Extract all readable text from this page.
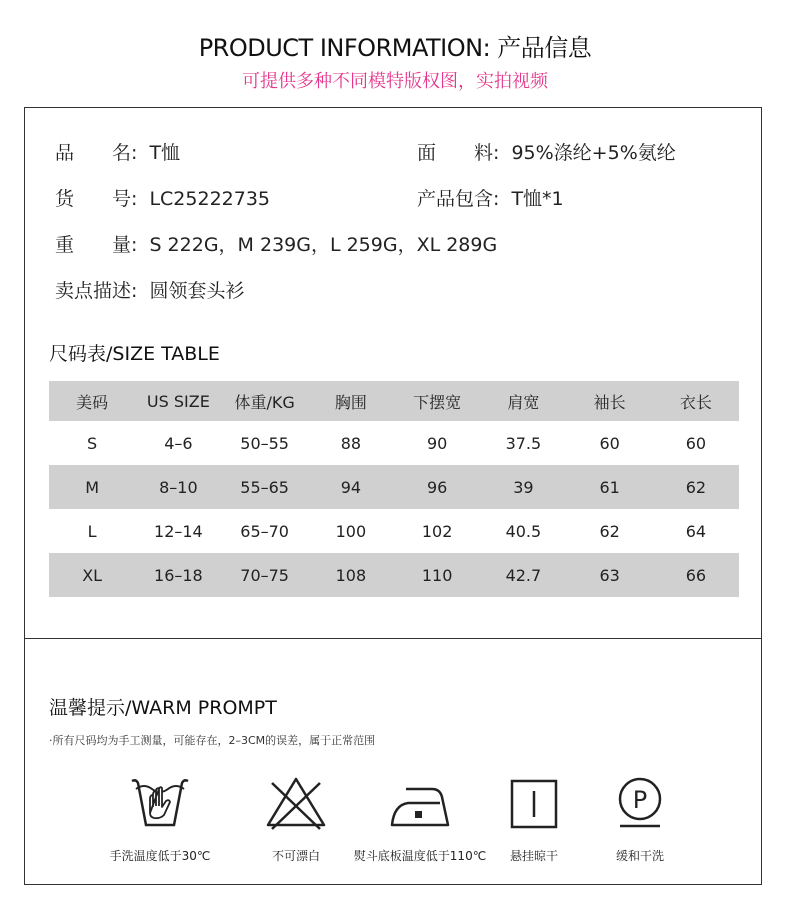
PRODUCT INFORMATION: 产品信息
可提供多种不同模特版权图，实拍视频
品　　名: T恤	面　　料: 95%涤纶+5%氨纶
货　　号: LC25222735	产品包含: T恤*1
重　　量: S 222G，M 239G，L 259G，XL 289G
卖点描述: 圆领套头衫
尺码表/SIZE TABLE
美码	US SIZE	体重/KG	胸围	下摆宽	肩宽	袖长	衣长
S	4–6	50–55	88	90	37.5	60	60
M	8–10	55–65	94	96	39	61	62
L	12–14	65–70	100	102	40.5	62	64
XL	16–18	70–75	108	110	42.7	63	66
温馨提示/WARM PROMPT
·所有尺码均为手工测量，可能存在，2–3CM的误差，属于正常范围
手洗温度低于30℃	不可漂白	熨斗底板温度低于110℃	悬挂晾干
P
缓和干洗
